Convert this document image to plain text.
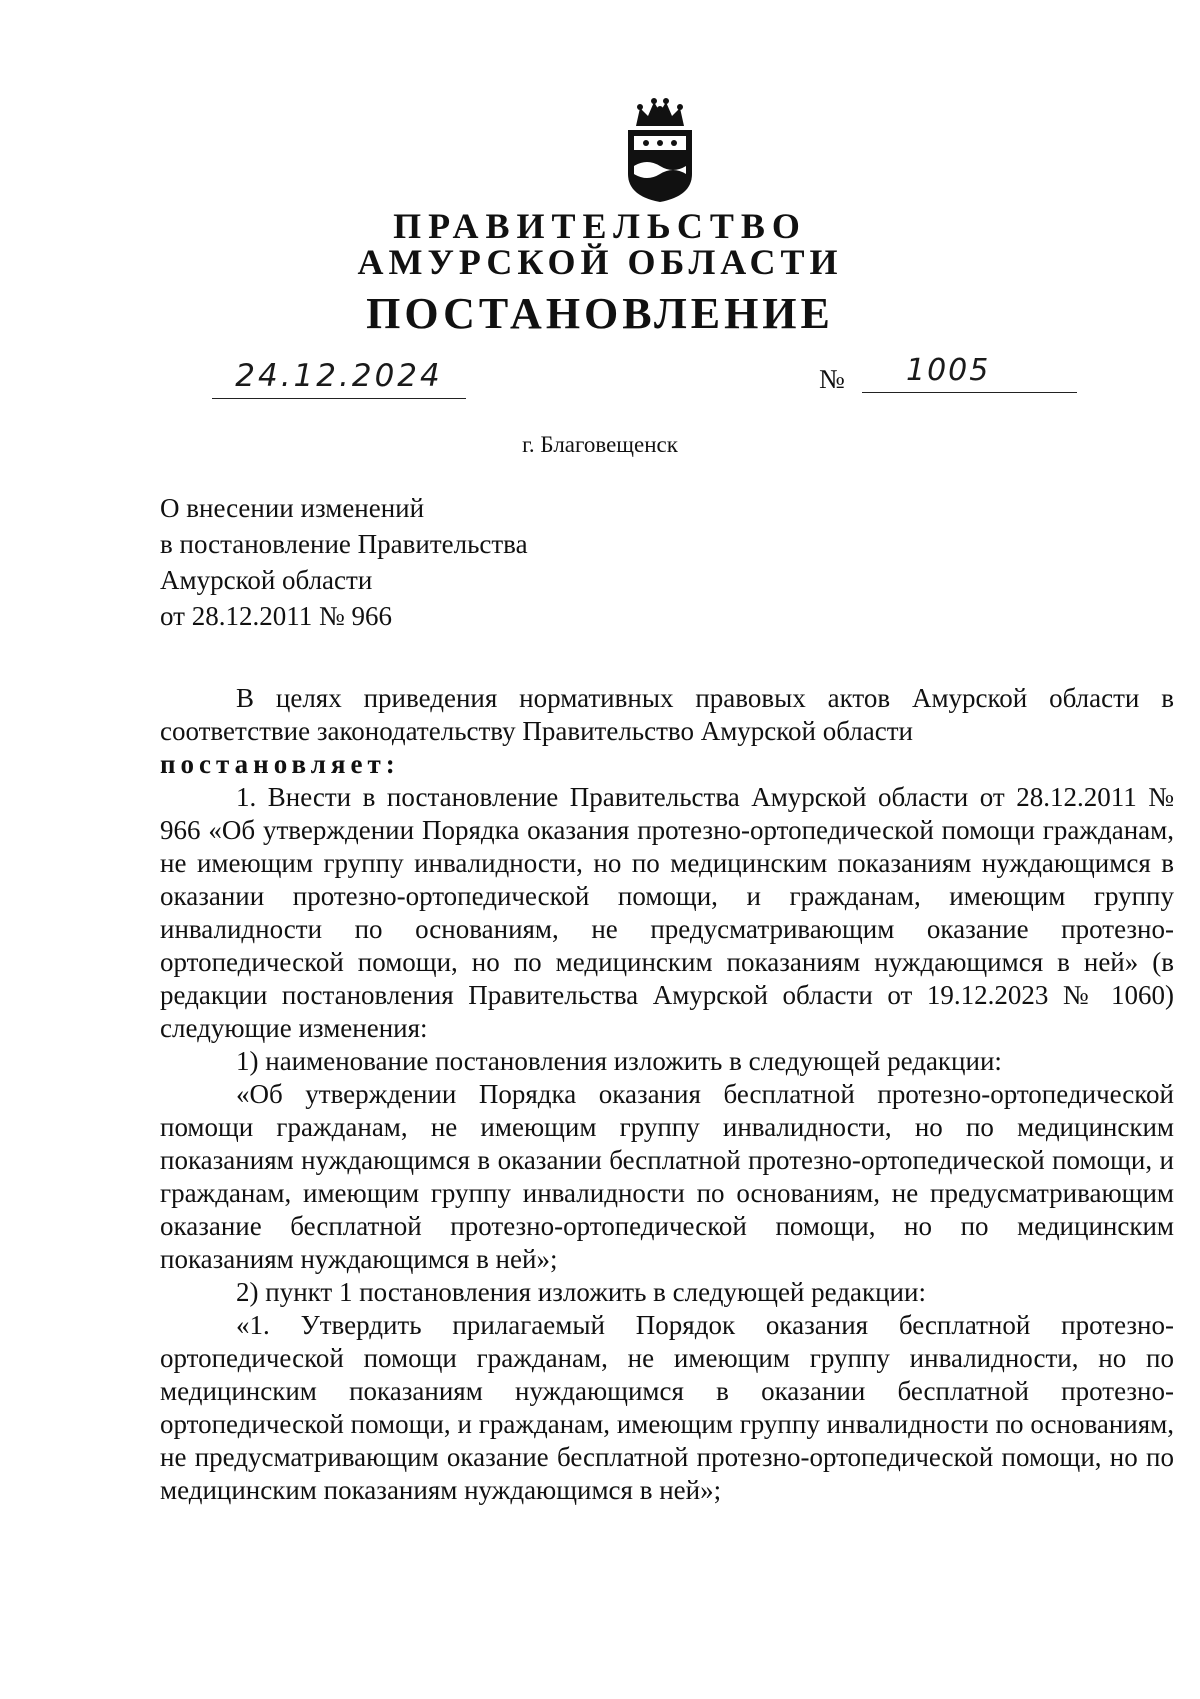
ПРАВИТЕЛЬСТВО
АМУРСКОЙ ОБЛАСТИ
ПОСТАНОВЛЕНИЕ
24.12.2024	№ 1005
г. Благовещенск
О внесении изменений
в постановление Правительства
Амурской области
от 28.12.2011 № 966

В целях приведения нормативных правовых актов Амурской области в соответствие законодательству Правительство Амурской области

постановляет:

1. Внести в постановление Правительства Амурской области от 28.12.2011 № 966 «Об утверждении Порядка оказания протезно-ортопедической помощи гражданам, не имеющим группу инвалидности, но по медицинским показаниям нуждающимся в оказании протезно-ортопедической помощи, и гражданам, имеющим группу инвалидности по основаниям, не предусматривающим оказание протезно-ортопедической помощи, но по медицинским показаниям нуждающимся в ней» (в редакции постановления Правительства Амурской области от 19.12.2023 № 1060) следующие изменения:

1) наименование постановления изложить в следующей редакции:

«Об утверждении Порядка оказания бесплатной протезно-ортопедической помощи гражданам, не имеющим группу инвалидности, но по медицинским показаниям нуждающимся в оказании бесплатной протезно-ортопедической помощи, и гражданам, имеющим группу инвалидности по основаниям, не предусматривающим оказание бесплатной протезно-ортопедической помощи, но по медицинским показаниям нуждающимся в ней»;

2) пункт 1 постановления изложить в следующей редакции:

«1. Утвердить прилагаемый Порядок оказания бесплатной протезно-ортопедической помощи гражданам, не имеющим группу инвалидности, но по медицинским показаниям нуждающимся в оказании бесплатной протезно-ортопедической помощи, и гражданам, имеющим группу инвалидности по основаниям, не предусматривающим оказание бесплатной протезно-ортопедической помощи, но по медицинским показаниям нуждающимся в ней»;
